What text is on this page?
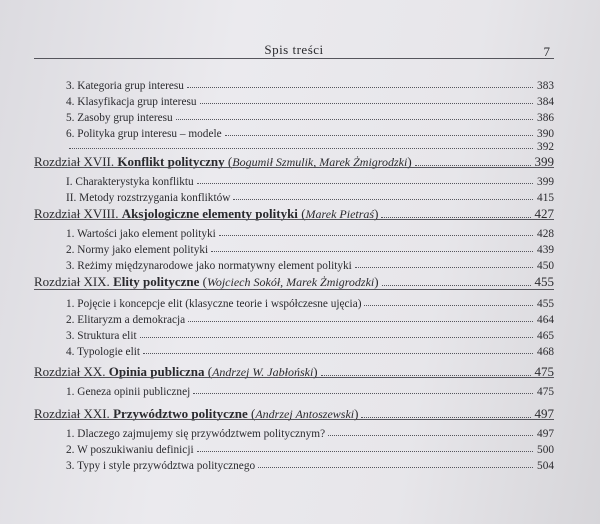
Spis treści	7
3. Kategoria grup interesu	383
4. Klasyfikacja grup interesu	384
5. Zasoby grup interesu	386
6. Polityka grup interesu – modele	390
392
Rozdział XVII. Konflikt polityczny (Bogumił Szmulik, Marek Żmigrodzki)	399
I. Charakterystyka konfliktu	399
II. Metody rozstrzygania konfliktów	415
Rozdział XVIII. Aksjologiczne elementy polityki (Marek Pietraś)	427
1. Wartości jako element polityki	428
2. Normy jako element polityki	439
3. Reżimy międzynarodowe jako normatywny element polityki	450
Rozdział XIX. Elity polityczne (Wojciech Sokół, Marek Żmigrodzki)	455
1. Pojęcie i koncepcje elit (klasyczne teorie i współczesne ujęcia)	455
2. Elitaryzm a demokracja	464
3. Struktura elit	465
4. Typologie elit	468
Rozdział XX. Opinia publiczna (Andrzej W. Jabłoński)	475
1. Geneza opinii publicznej	475
Rozdział XXI. Przywództwo polityczne (Andrzej Antoszewski)	497
1. Dlaczego zajmujemy się przywództwem politycznym?	497
2. W poszukiwaniu definicji	500
3. Typy i style przywództwa politycznego	504
